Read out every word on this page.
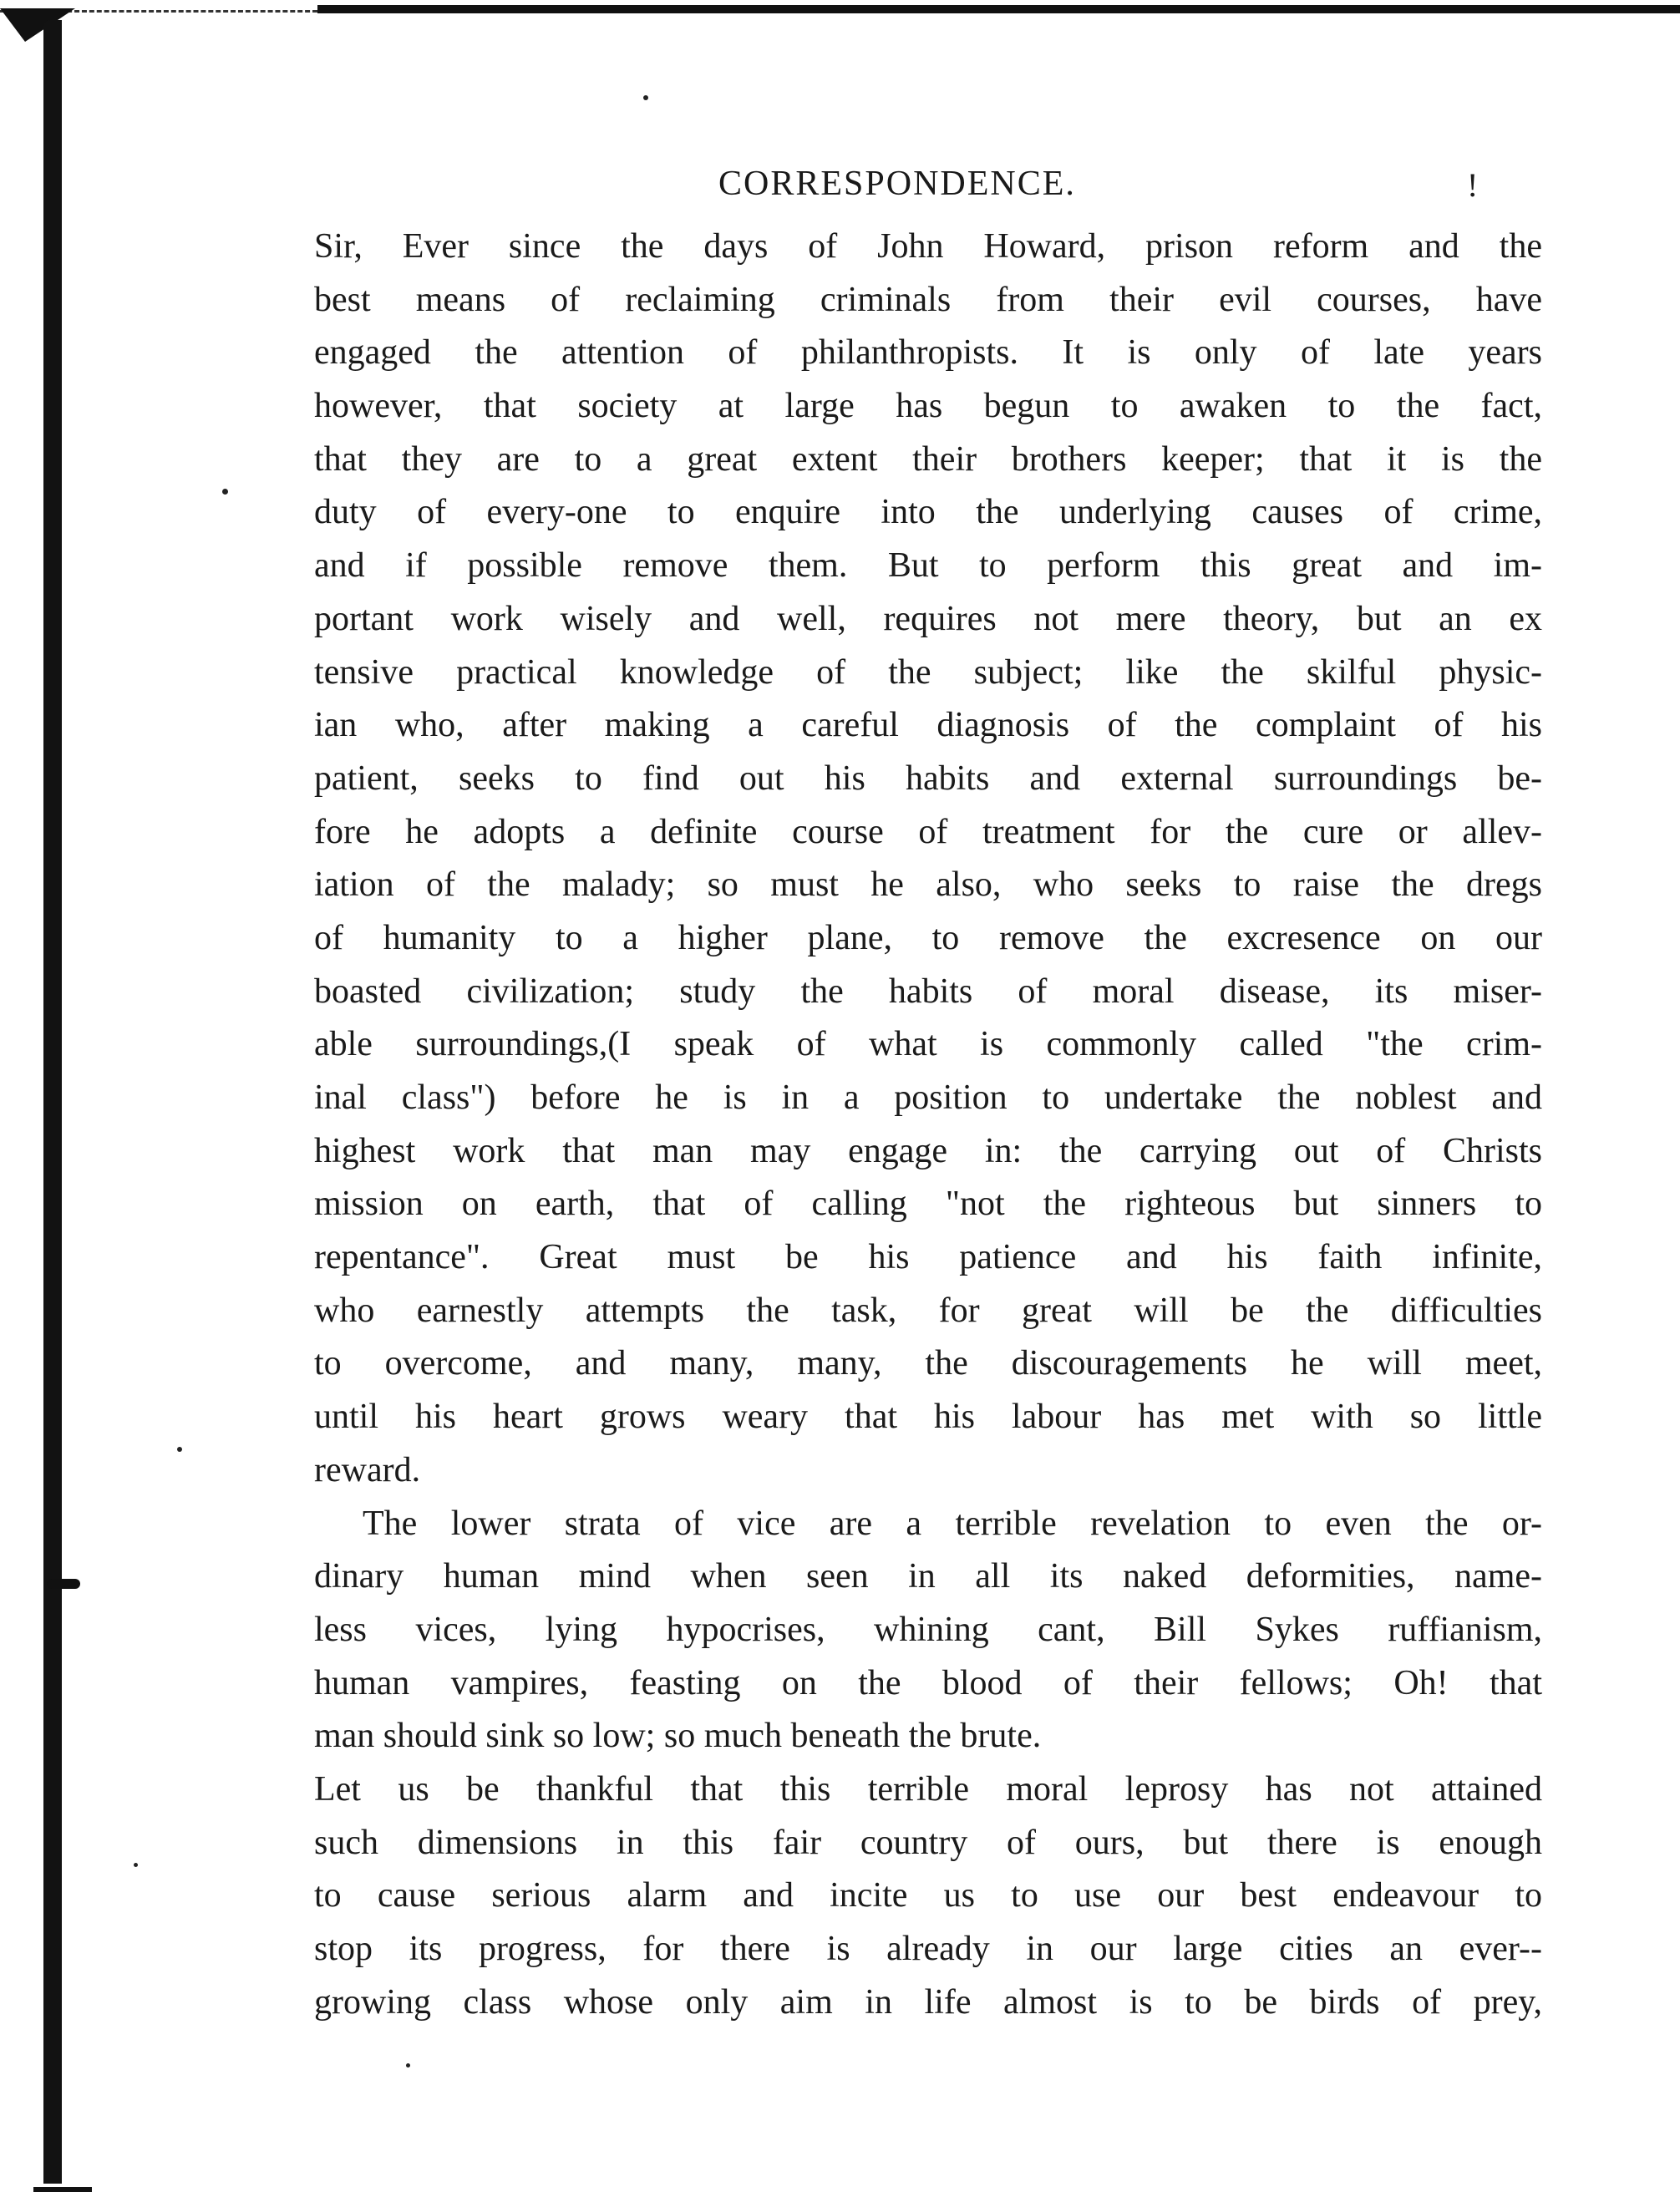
CORRESPONDENCE.	!
Sir, Ever since the days of John Howard, prison reform and the
best means of reclaiming criminals from their evil courses, have
engaged the attention of philanthropists. It is only of late years
however, that society at large has begun to awaken to the fact,
that they are to a great extent their brothers keeper; that it is the
duty of every-one to enquire into the underlying causes of crime,
and if possible remove them. But to perform this great and im-
portant work wisely and well, requires not mere theory, but an ex
tensive practical knowledge of the subject; like the skilful physic-
ian who, after making a careful diagnosis of the complaint of his
patient, seeks to find out his habits and external surroundings be-
fore he adopts a definite course of treatment for the cure or allev-
iation of the malady; so must he also, who seeks to raise the dregs
of humanity to a higher plane, to remove the excresence on our
boasted civilization; study the habits of moral disease, its miser-
able surroundings,(I speak of what is commonly called "the crim-
inal class") before he is in a position to undertake the noblest and
highest work that man may engage in: the carrying out of Christs
mission on earth, that of calling "not the righteous but sinners to
repentance". Great must be his patience and his faith infinite,
who earnestly attempts the task, for great will be the difficulties
to overcome, and many, many, the discouragements he will meet,
until his heart grows weary that his labour has met with so little
reward.
The lower strata of vice are a terrible revelation to even the or-
dinary human mind when seen in all its naked deformities, name-
less vices, lying hypocrises, whining cant, Bill Sykes ruffianism,
human vampires, feasting on the blood of their fellows; Oh! that
man should sink so low; so much beneath the brute.
Let us be thankful that this terrible moral leprosy has not attained
such dimensions in this fair country of ours, but there is enough
to cause serious alarm and incite us to use our best endeavour to
stop its progress, for there is already in our large cities an ever--
growing class whose only aim in life almost is to be birds of prey,
